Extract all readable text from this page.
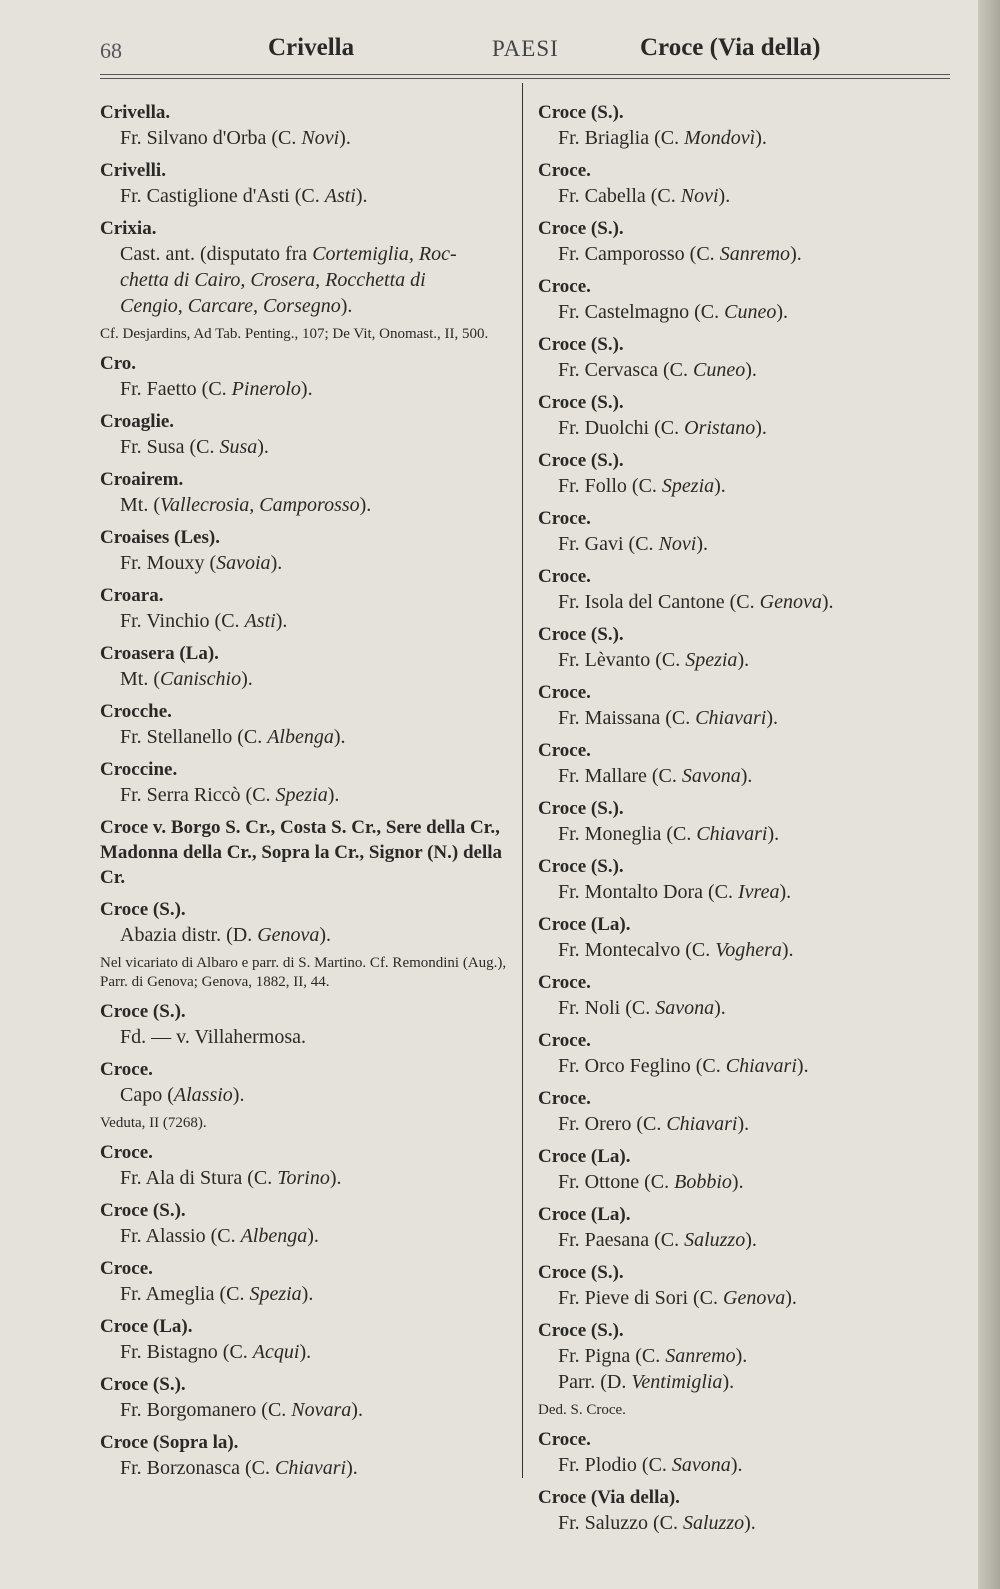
68	Crivella	PAESI	Croce (Via della)
Crivella.
Fr. Silvano d'Orba (C. Novi).
Crivelli.
Fr. Castiglione d'Asti (C. Asti).
Crixia.
Cast. ant. (disputato fra Cortemiglia, Roc-
chetta di Cairo, Crosera, Rocchetta di
Cengio, Carcare, Corsegno).
Cf. Desjardins, Ad Tab. Penting., 107; De Vit, Onomast., II, 500.
Cro.
Fr. Faetto (C. Pinerolo).
Croaglie.
Fr. Susa (C. Susa).
Croairem.
Mt. (Vallecrosia, Camporosso).
Croaises (Les).
Fr. Mouxy (Savoia).
Croara.
Fr. Vinchio (C. Asti).
Croasera (La).
Mt. (Canischio).
Crocche.
Fr. Stellanello (C. Albenga).
Croccine.
Fr. Serra Riccò (C. Spezia).
Croce v. Borgo S. Cr., Costa S. Cr., Sere della Cr., Madonna della Cr., Sopra la Cr., Signor (N.) della Cr.
Croce (S.).
Abazia distr. (D. Genova).
Nel vicariato di Albaro e parr. di S. Martino. Cf. Remondini (Aug.), Parr. di Genova; Genova, 1882, II, 44.
Croce (S.).
Fd. — v. Villahermosa.
Croce.
Capo (Alassio).
Veduta, II (7268).
Croce.
Fr. Ala di Stura (C. Torino).
Croce (S.).
Fr. Alassio (C. Albenga).
Croce.
Fr. Ameglia (C. Spezia).
Croce (La).
Fr. Bistagno (C. Acqui).
Croce (S.).
Fr. Borgomanero (C. Novara).
Croce (Sopra la).
Fr. Borzonasca (C. Chiavari).
Croce (S.).
Fr. Briaglia (C. Mondovì).
Croce.
Fr. Cabella (C. Novi).
Croce (S.).
Fr. Camporosso (C. Sanremo).
Croce.
Fr. Castelmagno (C. Cuneo).
Croce (S.).
Fr. Cervasca (C. Cuneo).
Croce (S.).
Fr. Duolchi (C. Oristano).
Croce (S.).
Fr. Follo (C. Spezia).
Croce.
Fr. Gavi (C. Novi).
Croce.
Fr. Isola del Cantone (C. Genova).
Croce (S.).
Fr. Lèvanto (C. Spezia).
Croce.
Fr. Maissana (C. Chiavari).
Croce.
Fr. Mallare (C. Savona).
Croce (S.).
Fr. Moneglia (C. Chiavari).
Croce (S.).
Fr. Montalto Dora (C. Ivrea).
Croce (La).
Fr. Montecalvo (C. Voghera).
Croce.
Fr. Noli (C. Savona).
Croce.
Fr. Orco Feglino (C. Chiavari).
Croce.
Fr. Orero (C. Chiavari).
Croce (La).
Fr. Ottone (C. Bobbio).
Croce (La).
Fr. Paesana (C. Saluzzo).
Croce (S.).
Fr. Pieve di Sori (C. Genova).
Croce (S.).
Fr. Pigna (C. Sanremo).
Parr. (D. Ventimiglia).
Ded. S. Croce.
Croce.
Fr. Plodio (C. Savona).
Croce (Via della).
Fr. Saluzzo (C. Saluzzo).
